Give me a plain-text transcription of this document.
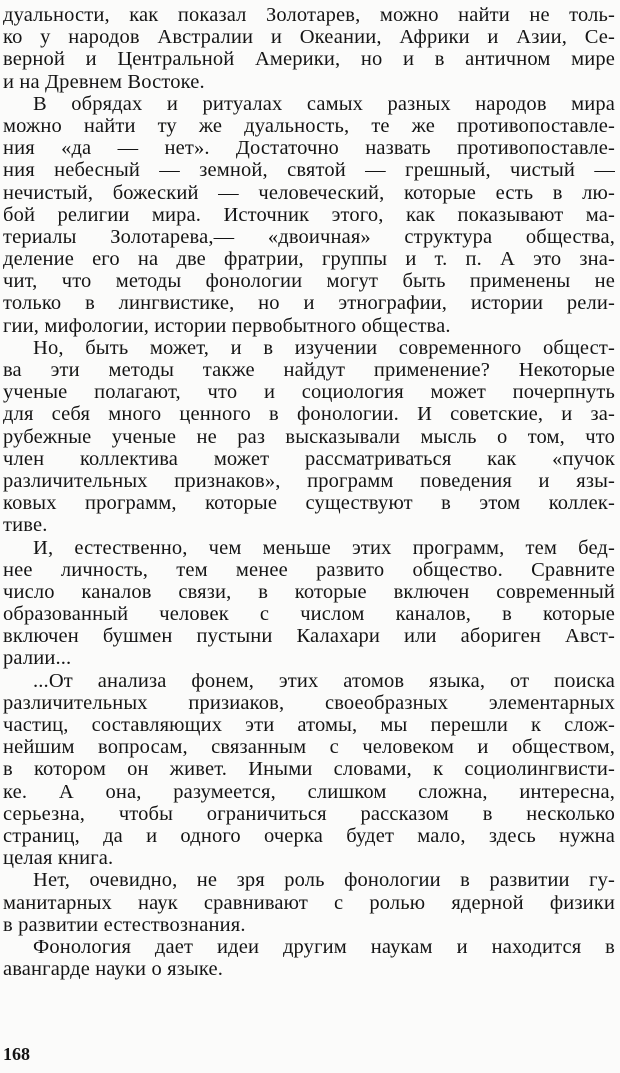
дуальности, как показал Золотарев, можно найти не толь-
ко у народов Австралии и Океании, Африки и Азии, Се-
верной и Центральной Америки, но и в античном мире
и на Древнем Востоке.
В обрядах и ритуалах самых разных народов мира
можно найти ту же дуальность, те же противопоставле-
ния «да — нет». Достаточно назвать противопоставле-
ния небесный — земной, святой — грешный, чистый —
нечистый, божеский — человеческий, которые есть в лю-
бой религии мира. Источник этого, как показывают ма-
териалы Золотарева,— «двоичная» структура общества,
деление его на две фратрии, группы и т. п. А это зна-
чит, что методы фонологии могут быть применены не
только в лингвистике, но и этнографии, истории рели-
гии, мифологии, истории первобытного общества.
Но, быть может, и в изучении современного общест-
ва эти методы также найдут применение? Некоторые
ученые полагают, что и социология может почерпнуть
для себя много ценного в фонологии. И советские, и за-
рубежные ученые не раз высказывали мысль о том, что
член коллектива может рассматриваться как «пучок
различительных признаков», программ поведения и язы-
ковых программ, которые существуют в этом коллек-
тиве.
И, естественно, чем меньше этих программ, тем бед-
нее личность, тем менее развито общество. Сравните
число каналов связи, в которые включен современный
образованный человек с числом каналов, в которые
включен бушмен пустыни Калахари или абориген Авст-
ралии...
...От анализа фонем, этих атомов языка, от поиска
различительных призиаков, своеобразных элементарных
частиц, составляющих эти атомы, мы перешли к слож-
нейшим вопросам, связанным с человеком и обществом,
в котором он живет. Иными словами, к социолингвисти-
ке. А она, разумеется, слишком сложна, интересна,
серьезна, чтобы ограничиться рассказом в несколько
страниц, да и одного очерка будет мало, здесь нужна
целая книга.
Нет, очевидно, не зря роль фонологии в развитии гу-
манитарных наук сравнивают с ролью ядерной физики
в развитии естествознания.
Фонология дает идеи другим наукам и находится в
авангарде науки о языке.
168
